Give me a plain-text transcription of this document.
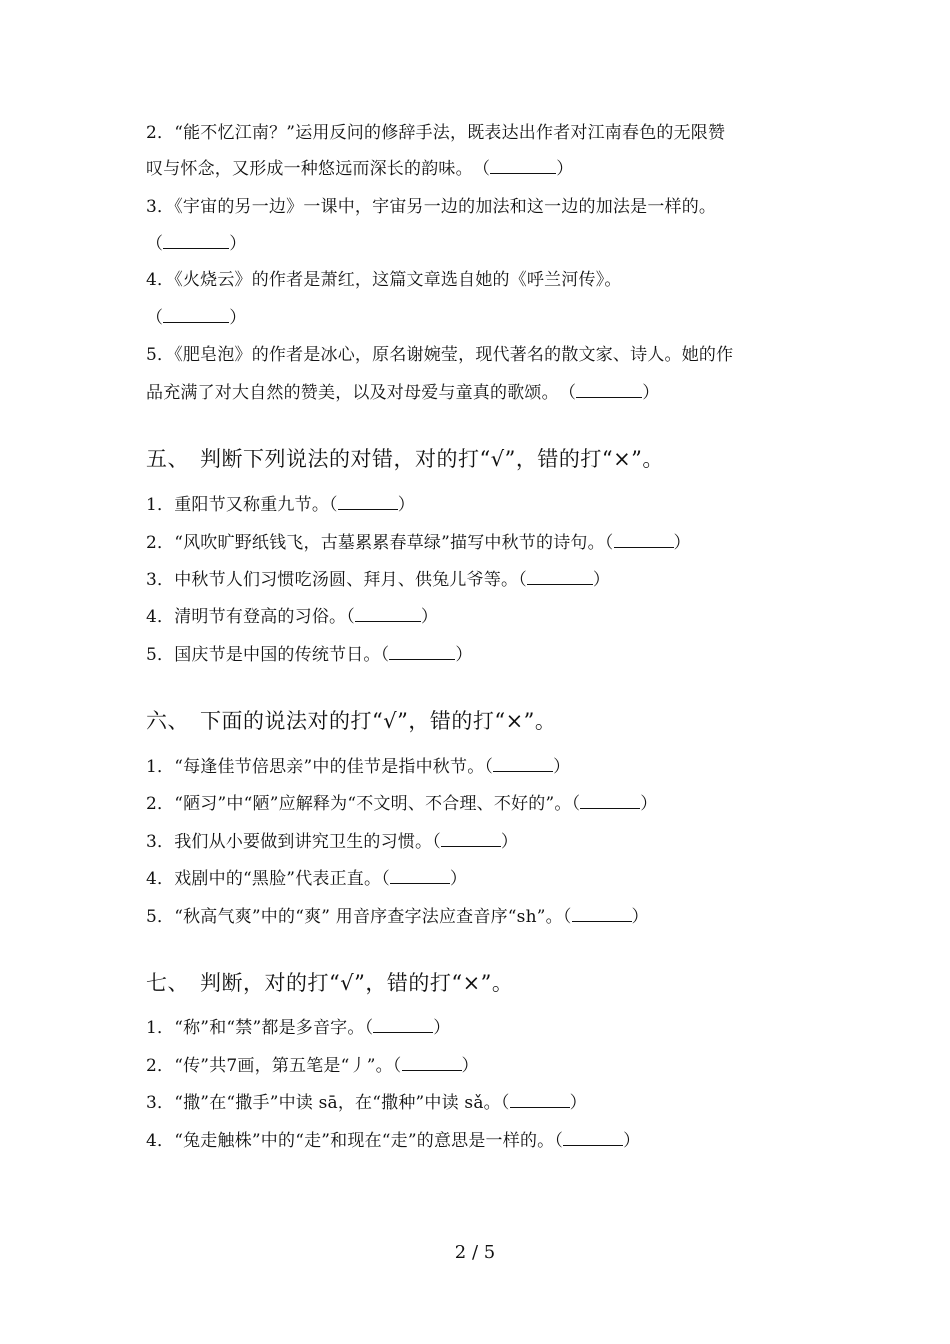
2．“能不忆江南？”运用反问的修辞手法，既表达出作者对江南春色的无限赞
叹与怀念，又形成一种悠远而深长的韵味。　 （	）
3．《宇宙的另一边》一课中，宇宙另一边的加法和这一边的加法是一样的。
（	）
4．《火烧云》的作者是萧红，这篇文章选自她的《呼兰河传》。
（	）
5．《肥皂泡》的作者是冰心，原名谢婉莹，现代著名的散文家、诗人。她的作
品充满了对大自然的赞美，以及对母爱与童真的歌颂。　 （	）
五、　判断下列说法的对错，对的打“√”，错的打“×”。
1．重阳节又称重九节。（	）
2．“风吹旷野纸钱飞，古墓累累春草绿”描写中秋节的诗句。（	）
3．中秋节人们习惯吃汤圆、拜月、供兔儿爷等。（	）
4．清明节有登高的习俗。（	）
5．国庆节是中国的传统节日。（	）
六、　下面的说法对的打“√”，错的打“×”。
1．“每逢佳节倍思亲”中的佳节是指中秋节。（	）
2．“陋习”中“陋”应解释为“不文明、不合理、不好的”。（	）
3．我们从小要做到讲究卫生的习惯。（	）
4．戏剧中的“黑脸”代表正直。（	）
5．“秋高气爽”中的“爽” 用音序查字法应查音序“sh”。（	）
七、　判断，对的打“√”，错的打“×”。
1．“称”和“禁”都是多音字。（	）
2．“传”共7画，第五笔是“丿”。（	）
3．“撒”在“撒手”中读 sā，在“撒种”中读 sǎ。（	）
4．“兔走触株”中的“走”和现在“走”的意思是一样的。（	）
2 / 5
